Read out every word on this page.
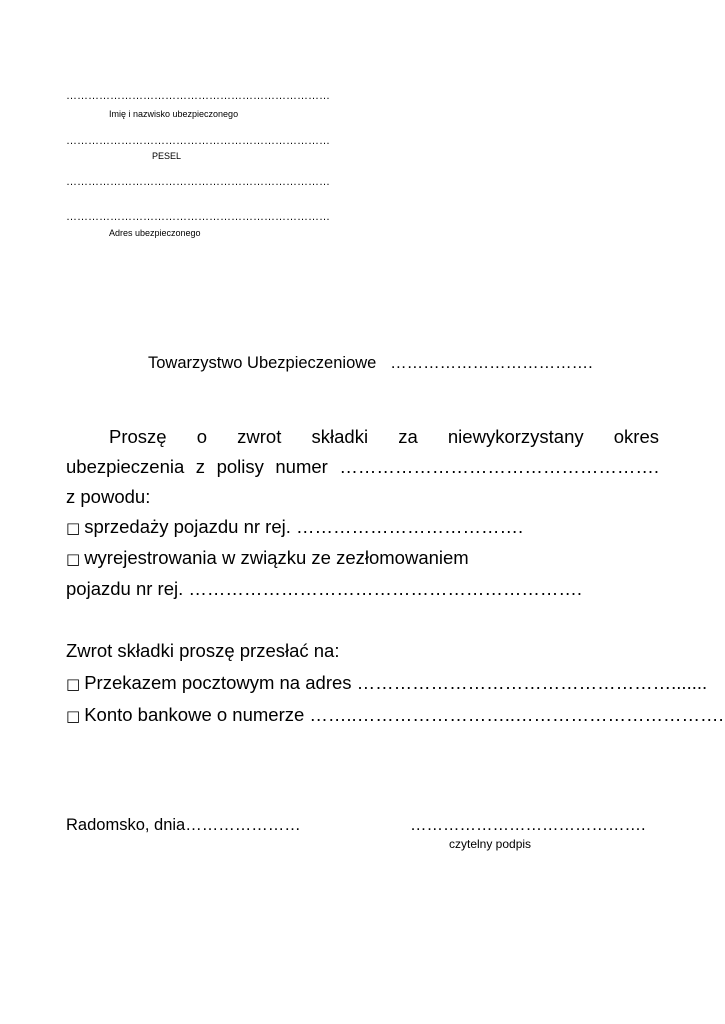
………………………………………………………………
Imię i nazwisko ubezpieczonego
………………………………………………………………
PESEL
………………………………………………………………
………………………………………………………………
Adres ubezpieczonego
Towarzystwo Ubezpieczeniowe   ……………………………….
Proszę o zwrot składki za niewykorzystany okres
ubezpieczenia z polisy numer …………………………………………….
z powodu:
□ sprzedaży pojazdu nr rej. ……………………………….
□ wyrejestrowania w związku ze zezłomowaniem
pojazdu nr rej. ……………………………………………………….
Zwrot składki proszę przesłać na:
□ Przekazem pocztowym na adres …………………………………………….......
□ Konto bankowe o numerze ……..……………………..…………………………….
Radomsko, dnia…………………	…………………………………….
czytelny podpis
